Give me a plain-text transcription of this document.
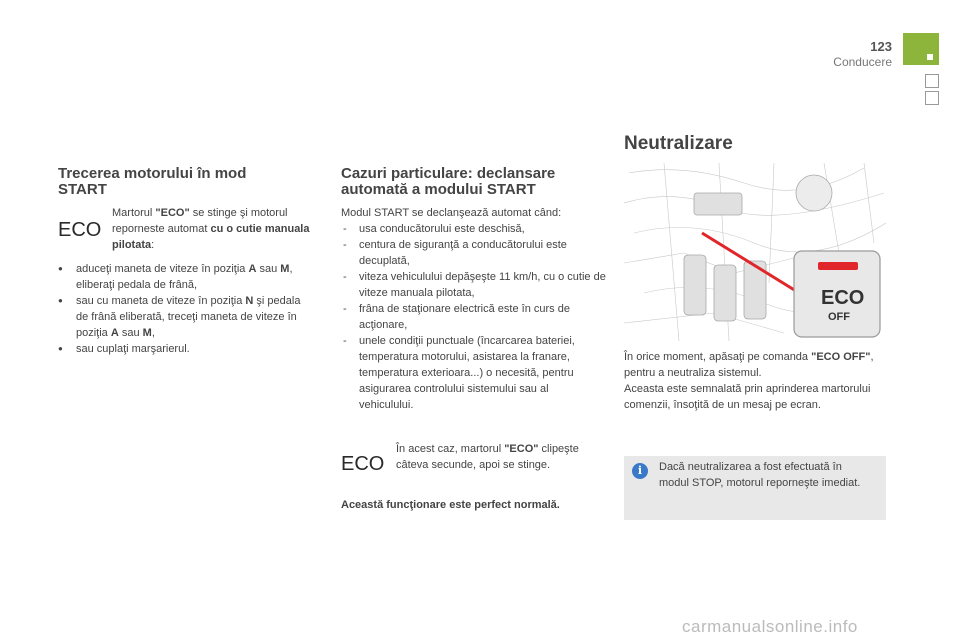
123
Conducere
Trecerea motorului în mod
START
ECO
Martorul "ECO" se stinge şi motorul reporneste automat cu o cutie manuala pilotata:
● aduceţi maneta de viteze în poziţia A sau M, eliberaţi pedala de frână,
● sau cu maneta de viteze în poziţia N şi pedala de frână eliberată, treceţi maneta de viteze în poziţia A sau M,
● sau cuplaţi marşarierul.
Cazuri particulare: declansare
automată a modului START
Modul START se declanşează automat când:
- usa conducătorului este deschisă,
- centura de siguranţă a conducătorului este decuplată,
- viteza vehiculului depăşeşte 11 km/h, cu o cutie de viteze manuala pilotata,
- frâna de staţionare electrică este în curs de acţionare,
- unele condiţii punctuale (încarcarea bateriei, temperatura motorului, asistarea la franare, temperatura exterioara...) o necesită, pentru asigurarea controlului sistemului sau al vehiculului.
ECO
În acest caz, martorul "ECO" clipeşte câteva secunde, apoi se stinge.
Această funcţionare este perfect normală.
Neutralizare
ECO
OFF
În orice moment, apăsaţi pe comanda "ECO OFF", pentru a neutraliza sistemul.
Aceasta este semnalată prin aprinderea martorului comenzii, însoţită de un mesaj pe ecran.
i	Dacă neutralizarea a fost efectuată în modul STOP, motorul reporneşte imediat.
carmanualsonline.info
